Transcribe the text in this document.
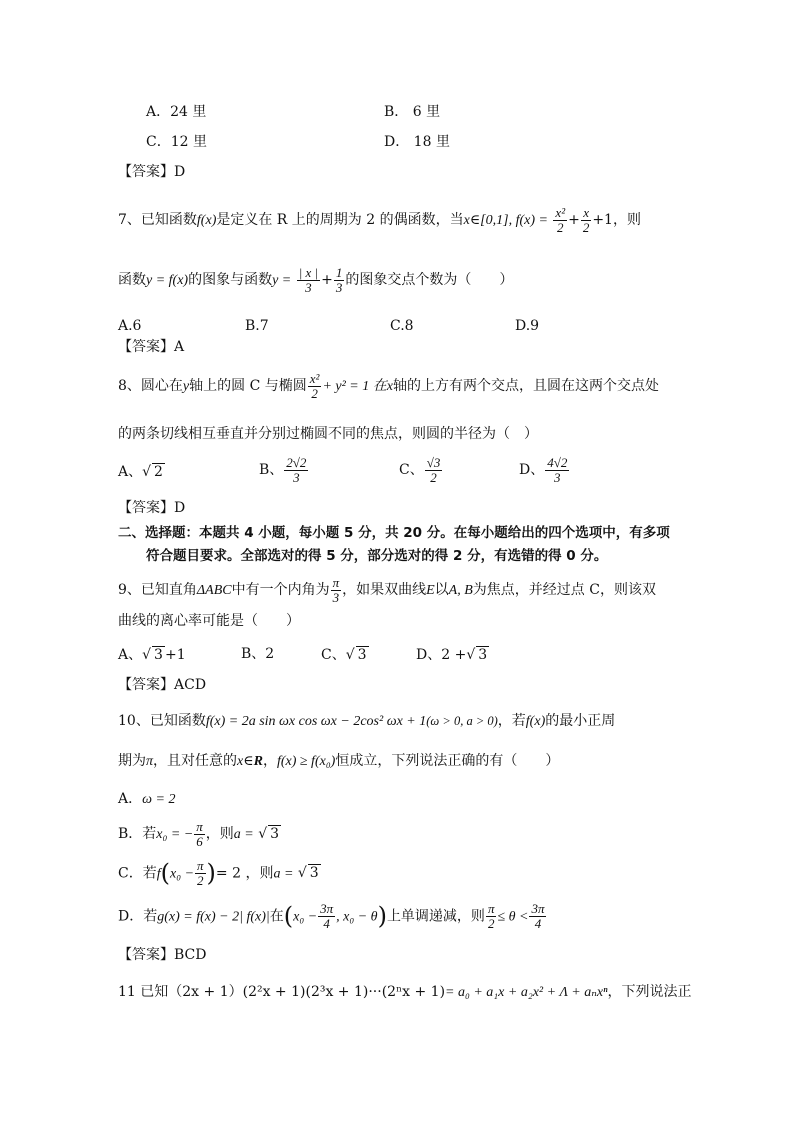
A．24 里	B． 6 里
C．12 里	D． 18 里
【答案】D
7、已知函数f(x)是定义在 R 上的周期为 2 的偶函数，当x∈[0,1], $f(x) = \frac{\text{x²}}{2} + \frac{x}{2} +1$，则
函数y = f(x)的图象与函数$y = \frac{| x |}{3} + \frac{1}{3}$ 的图象交点个数为（　　）
A.6	B.7	C.8	D.9
【答案】A
8、圆心在y轴上的圆 C 与椭圆 $\frac{\text{x²}}{2} + y^2 = 1$ 在x轴的上方有两个交点，且圆在这两个交点处
的两条切线相互垂直并分别过椭圆不同的焦点，则圆的半径为（　）
A、 √ 2	B、 $\frac{2√2}{3}$	C、 $\frac{√3}{2}$	D、 $\frac{4√2}{3}$
【答案】D
二、选择题：本题共 4 小题，每小题 5 分，共 20 分。在每小题给出的四个选项中，有多项
符合题目要求。全部选对的得 5 分，部分选对的得 2 分，有选错的得 0 分。
9、已知直角ΔABC中有一个内角为 $\frac{\pi}{3}$ ，如果双曲线E以A, B为焦点，并经过点 C，则该双
曲线的离心率可能是（　　）
A、 √ 3 +1	B、2	C、 √ 3	D、2 + √ 3
【答案】ACD
10、已知函数f(x) = 2a sin ωx cos ωx − 2cos² ωx + 1(ω > 0, a > 0)，若f(x)的最小正周
期为π，且对任意的x∈R，f(x) ≥ f(x₀)恒成立，下列说法正确的有（　　）
A．ω = 2
B．若x₀ = − $\frac{\pi}{6}$ ，则a = √ 3
C．若$f(x_0 - \frac{\pi}{2}$ )= 2 ，则a = √ 3
D．若g(x) = f(x) − 2| f(x)|在($x_0 - \frac{3\pi}{4}$ , x₀ − θ)上单调递减，则 $\frac{\pi}{2} \le \theta < \frac{3\pi}{4}$
【答案】BCD
11 已知（2x + 1）(2²x + 1)(2³x + 1)···(2ⁿx + 1)= a₀ + a₁x + a₂x² + Λ + aₙxⁿ，下列说法正
